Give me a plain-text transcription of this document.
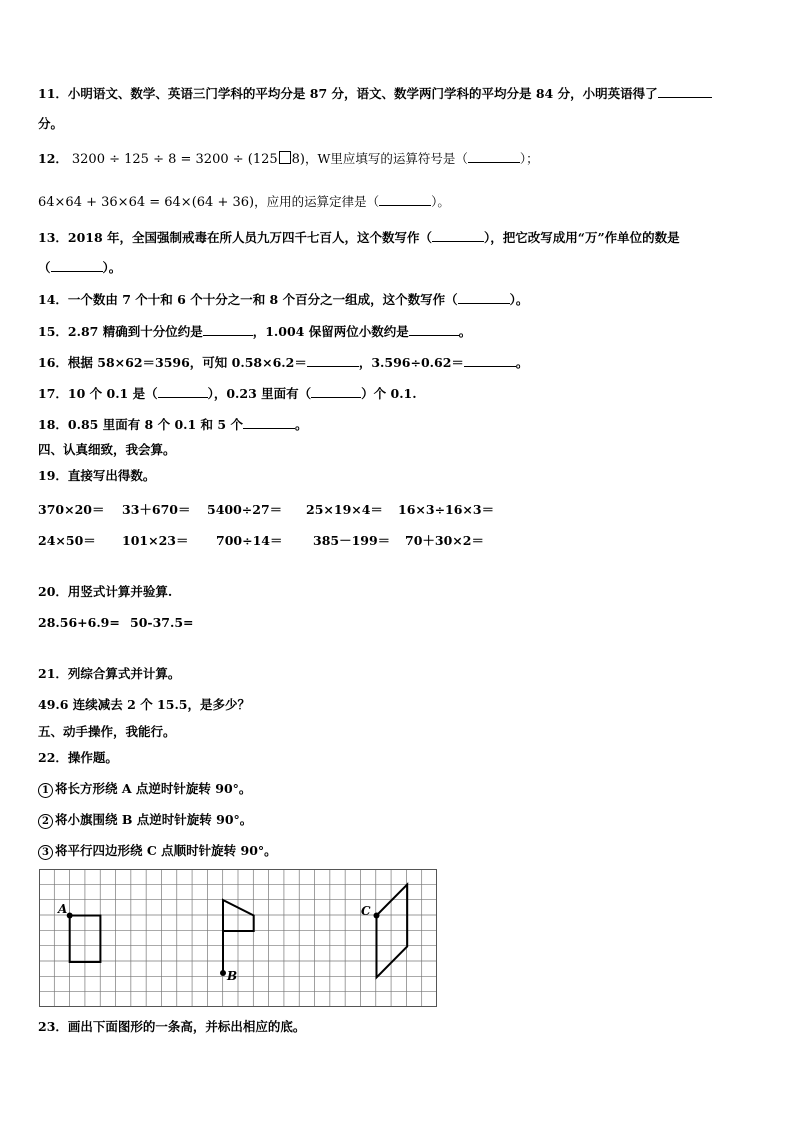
11．小明语文、数学、英语三门学科的平均分是 87 分，语文、数学两门学科的平均分是 84 分，小明英语得了
分。
12． 3200 ÷ 125 ÷ 8 = 3200 ÷ (125 8)，W里应填写的运算符号是（	）；
64×64 + 36×64 = 64×(64 + 36)，应用的运算定律是（	）。
13．2018 年，全国强制戒毒在所人员九万四千七百人，这个数写作（	），把它改写成用“万”作单位的数是
（	）。
14．一个数由 7 个十和 6 个十分之一和 8 个百分之一组成，这个数写作（	）。
15．2.87 精确到十分位约是	，1.004 保留两位小数约是	。
16．根据 58×62＝3596，可知 0.58×6.2＝	，3.596÷0.62＝	。
17．10 个 0.1 是（	），0.23 里面有（	）个 0.1.
18．0.85 里面有 8 个 0.1 和 5 个	。
四、认真细致，我会算。
19．直接写出得数。
370×20＝ 33＋670＝ 5400÷27＝ 25×19×4＝ 16×3÷16×3＝
24×50＝ 101×23＝ 700÷14＝ 385－199＝ 70＋30×2＝
20．用竖式计算并验算.
28.56+6.9= 50-37.5=
21．列综合算式并计算。
49.6 连续减去 2 个 15.5，是多少？
五、动手操作，我能行。
22．操作题。
1 将长方形绕 A 点逆时针旋转 90°。
2 将小旗围绕 B 点逆时针旋转 90°。
3 将平行四边形绕 C 点顺时针旋转 90°。
A
B
C
23．画出下面图形的一条高，并标出相应的底。
